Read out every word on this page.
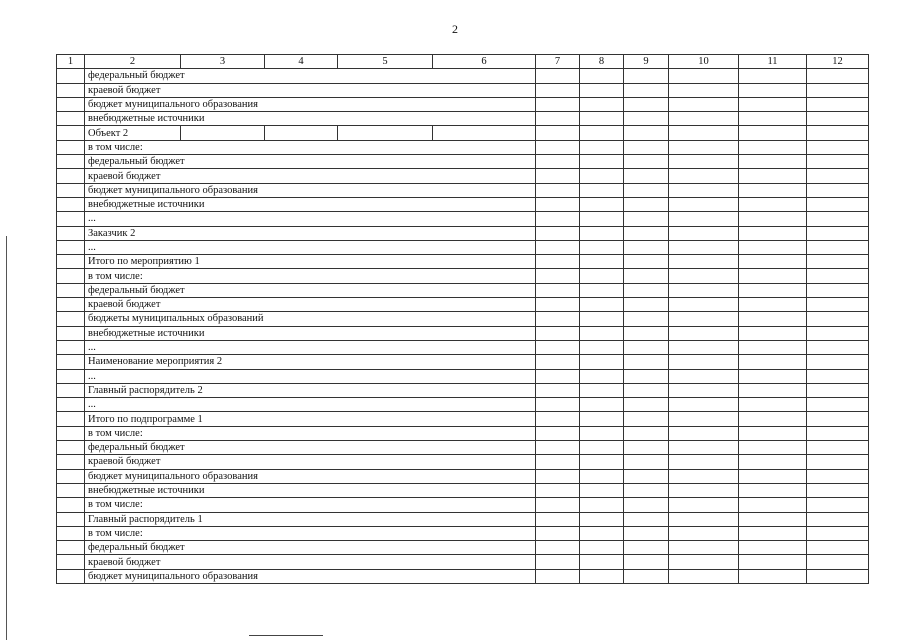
2
1	2	3	4	5	6	7	8	9	10	11	12
	федеральный бюджет										
	краевой бюджет										
	бюджет муниципального образования										
	внебюджетные источники										
	Объект 2										
	в том числе:										
	федеральный бюджет										
	краевой бюджет										
	бюджет муниципального образования										
	внебюджетные источники										
	...										
	Заказчик 2										
	...										
	Итого по мероприятию 1										
	в том числе:										
	федеральный бюджет										
	краевой бюджет										
	бюджеты муниципальных образований										
	внебюджетные источники										
	...										
	Наименование мероприятия 2										
	...										
	Главный распорядитель 2										
	...										
	Итого по подпрограмме 1										
	в том числе:										
	федеральный бюджет										
	краевой бюджет										
	бюджет муниципального образования										
	внебюджетные источники										
	в том числе:										
	Главный распорядитель 1										
	в том числе:										
	федеральный бюджет										
	краевой бюджет										
	бюджет муниципального образования										
